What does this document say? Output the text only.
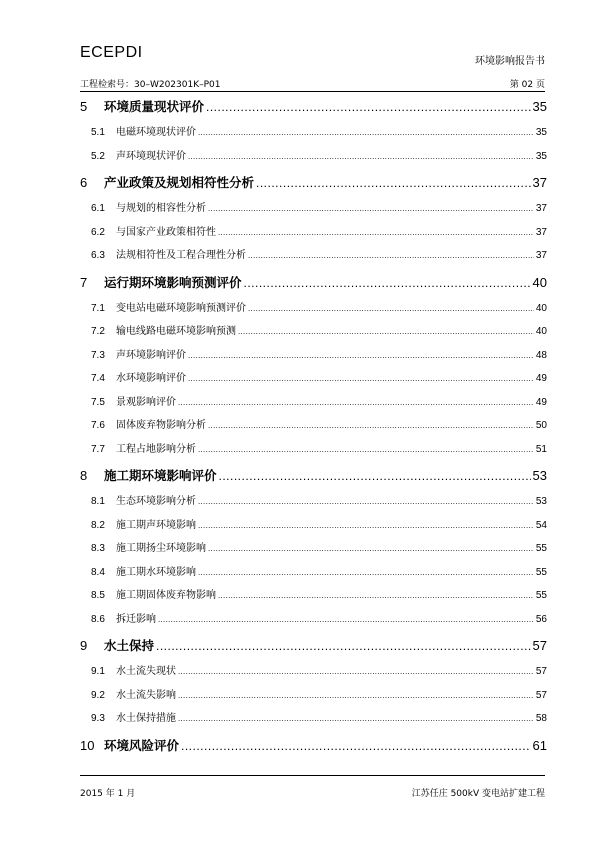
ECEPDI
环境影响报告书
工程检索号：30–W202301K–P01	第 02 页
5	环境质量现状评价 .....	35
5.1	电磁环境现状评价 .....	35
5.2	声环境现状评价 .....	35
6	产业政策及规划相符性分析 .....	37
6.1	与规划的相容性分析 .....	37
6.2	与国家产业政策相符性 .....	37
6.3	法规相符性及工程合理性分析 .....	37
7	运行期环境影响预测评价 .....	40
7.1	变电站电磁环境影响预测评价 .....	40
7.2	输电线路电磁环境影响预测 .....	40
7.3	声环境影响评价 .....	48
7.4	水环境影响评价 .....	49
7.5	景观影响评价 .....	49
7.6	固体废弃物影响分析 .....	50
7.7	工程占地影响分析 .....	51
8	施工期环境影响评价 .....	53
8.1	生态环境影响分析 .....	53
8.2	施工期声环境影响 .....	54
8.3	施工期扬尘环境影响 .....	55
8.4	施工期水环境影响 .....	55
8.5	施工期固体废弃物影响 .....	55
8.6	拆迁影响 .....	56
9	水土保持 .....	57
9.1	水土流失现状 .....	57
9.2	水土流失影响 .....	57
9.3	水土保持措施 .....	58
10 环境风险评价 .....	61
2015 年 1 月	江苏任庄 500kV 变电站扩建工程
